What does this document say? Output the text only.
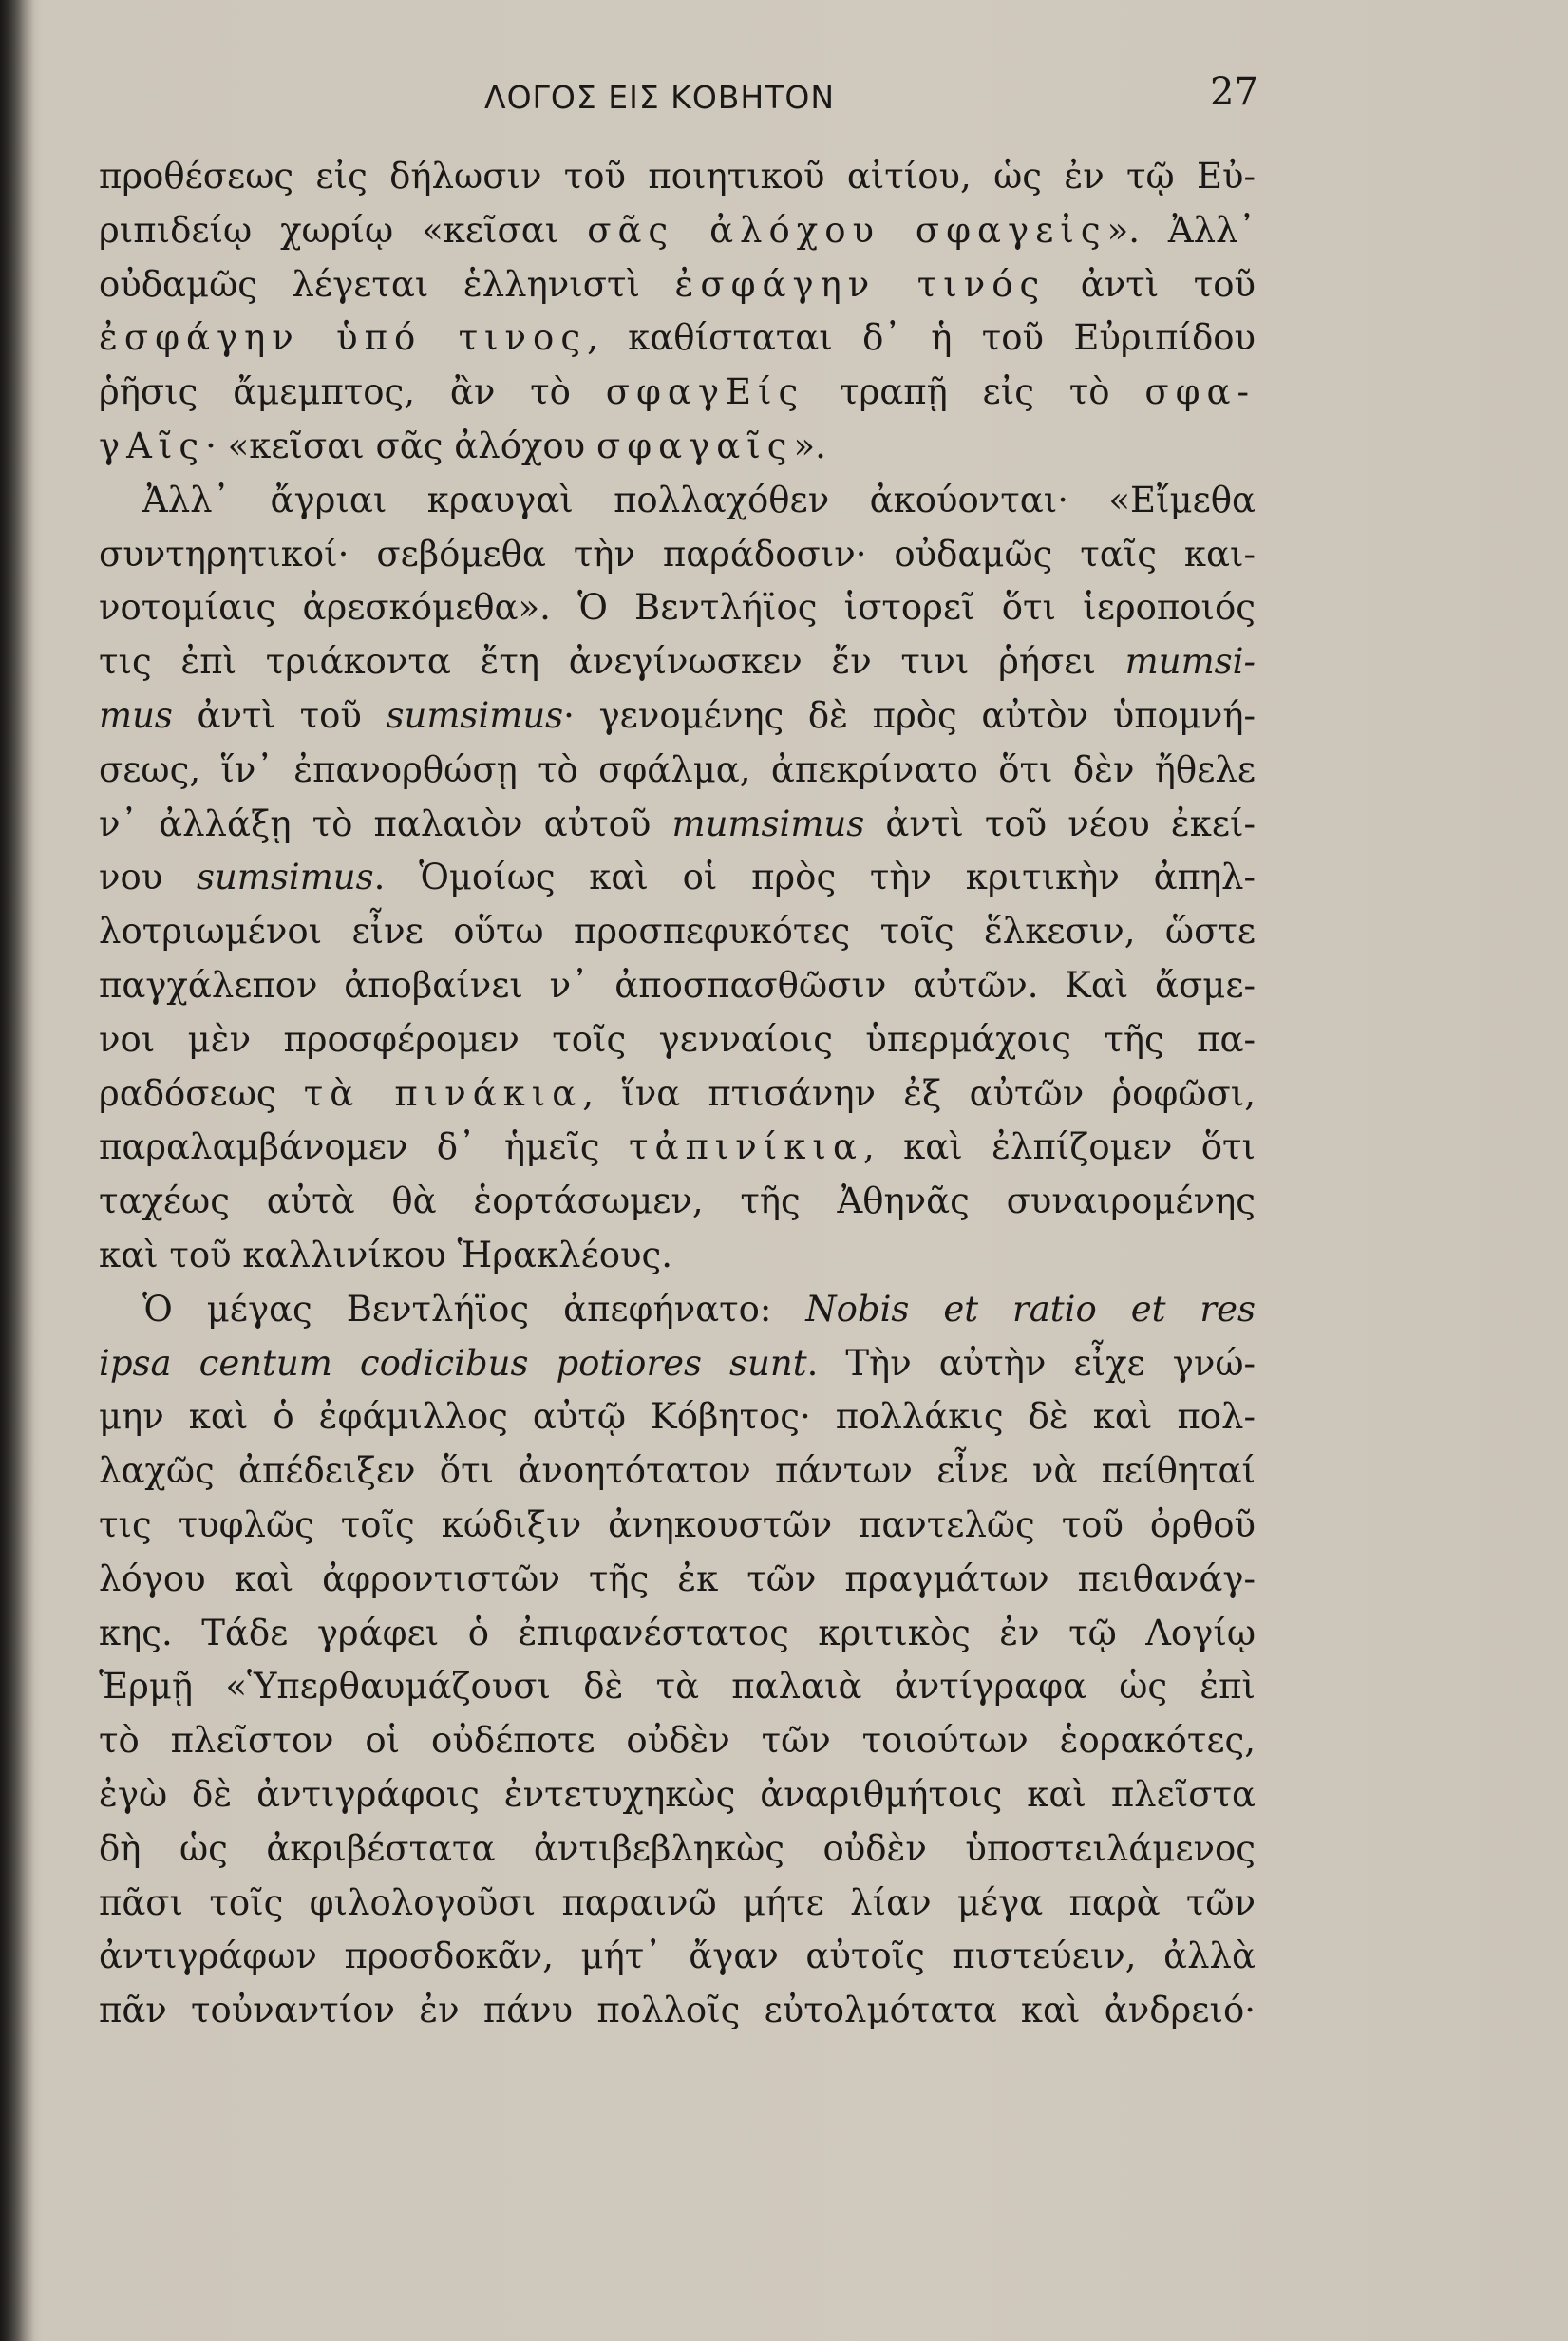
ΛΟΓΟΣ ΕΙΣ ΚΟΒΗΤΟΝ	27
προθέσεως εἰς δήλωσιν τοῦ ποιητικοῦ αἰτίου, ὡς ἐν τῷ Εὐ-
ριπιδείῳ χωρίῳ «κεῖσαι σᾶς ἀλόχου σφαγεἰς». Ἀλλ᾽
οὐδαμῶς λέγεται ἑλληνιστὶ ἐσφάγην τινός ἀντὶ τοῦ
ἐσφάγην ὑπό τινος, καθίσταται δ᾽ ἡ τοῦ Εὐριπίδου
ῥῆσις ἄμεμπτος, ἂν τὸ σφαγΕίς τραπῇ εἰς τὸ σφα-
γΑῖς· «κεῖσαι σᾶς ἀλόχου σφαγαῖς».
Ἀλλ᾽ ἄγριαι κραυγαὶ πολλαχόθεν ἀκούονται· «Εἴμεθα
συντηρητικοί· σεβόμεθα τὴν παράδοσιν· οὐδαμῶς ταῖς και-
νοτομίαις ἀρεσκόμεθα». Ὁ Βεντλήϊος ἱστορεῖ ὅτι ἱεροποιός
τις ἐπὶ τριάκοντα ἔτη ἀνεγίνωσκεν ἔν τινι ῥήσει mumsi-
mus ἀντὶ τοῦ sumsimus· γενομένης δὲ πρὸς αὐτὸν ὑπομνή-
σεως, ἵν᾽ ἐπανορθώσῃ τὸ σφάλμα, ἀπεκρίνατο ὅτι δὲν ἤθελε
ν᾽ ἀλλάξῃ τὸ παλαιὸν αὐτοῦ mumsimus ἀντὶ τοῦ νέου ἐκεί-
νου sumsimus. Ὁμοίως καὶ οἱ πρὸς τὴν κριτικὴν ἀπηλ-
λοτριωμένοι εἶνε οὕτω προσπεφυκότες τοῖς ἕλκεσιν, ὥστε
παγχάλεπον ἀποβαίνει ν᾽ ἀποσπασθῶσιν αὐτῶν. Καὶ ἄσμε-
νοι μὲν προσφέρομεν τοῖς γενναίοις ὑπερμάχοις τῆς πα-
ραδόσεως τὰ πινάκια, ἵνα πτισάνην ἐξ αὐτῶν ῥοφῶσι,
παραλαμβάνομεν δ᾽ ἡμεῖς τἀπινίκια, καὶ ἐλπίζομεν ὅτι
ταχέως αὐτὰ θὰ ἑορτάσωμεν, τῆς Ἀθηνᾶς συναιρομένης
καὶ τοῦ καλλινίκου Ἡρακλέους.
Ὁ μέγας Βεντλήϊος ἀπεφήνατο: Nobis et ratio et res
ipsa centum codicibus potiores sunt. Τὴν αὐτὴν εἶχε γνώ-
μην καὶ ὁ ἐφάμιλλος αὐτῷ Κόβητος· πολλάκις δὲ καὶ πολ-
λαχῶς ἀπέδειξεν ὅτι ἀνοητότατον πάντων εἶνε νὰ πείθηταί
τις τυφλῶς τοῖς κώδιξιν ἀνηκουστῶν παντελῶς τοῦ ὀρθοῦ
λόγου καὶ ἀφροντιστῶν τῆς ἐκ τῶν πραγμάτων πειθανάγ-
κης. Τάδε γράφει ὁ ἐπιφανέστατος κριτικὸς ἐν τῷ Λογίῳ
Ἑρμῇ «Ὑπερθαυμάζουσι δὲ τὰ παλαιὰ ἀντίγραφα ὡς ἐπὶ
τὸ πλεῖστον οἱ οὐδέποτε οὐδὲν τῶν τοιούτων ἑορακότες,
ἐγὼ δὲ ἀντιγράφοις ἐντετυχηκὼς ἀναριθμήτοις καὶ πλεῖστα
δὴ ὡς ἀκριβέστατα ἀντιβεβληκὼς οὐδὲν ὑποστειλάμενος
πᾶσι τοῖς φιλολογοῦσι παραινῶ μήτε λίαν μέγα παρὰ τῶν
ἀντιγράφων προσδοκᾶν, μήτ᾽ ἄγαν αὐτοῖς πιστεύειν, ἀλλὰ
πᾶν τοὐναντίον ἐν πάνυ πολλοῖς εὐτολμότατα καὶ ἀνδρειό·
